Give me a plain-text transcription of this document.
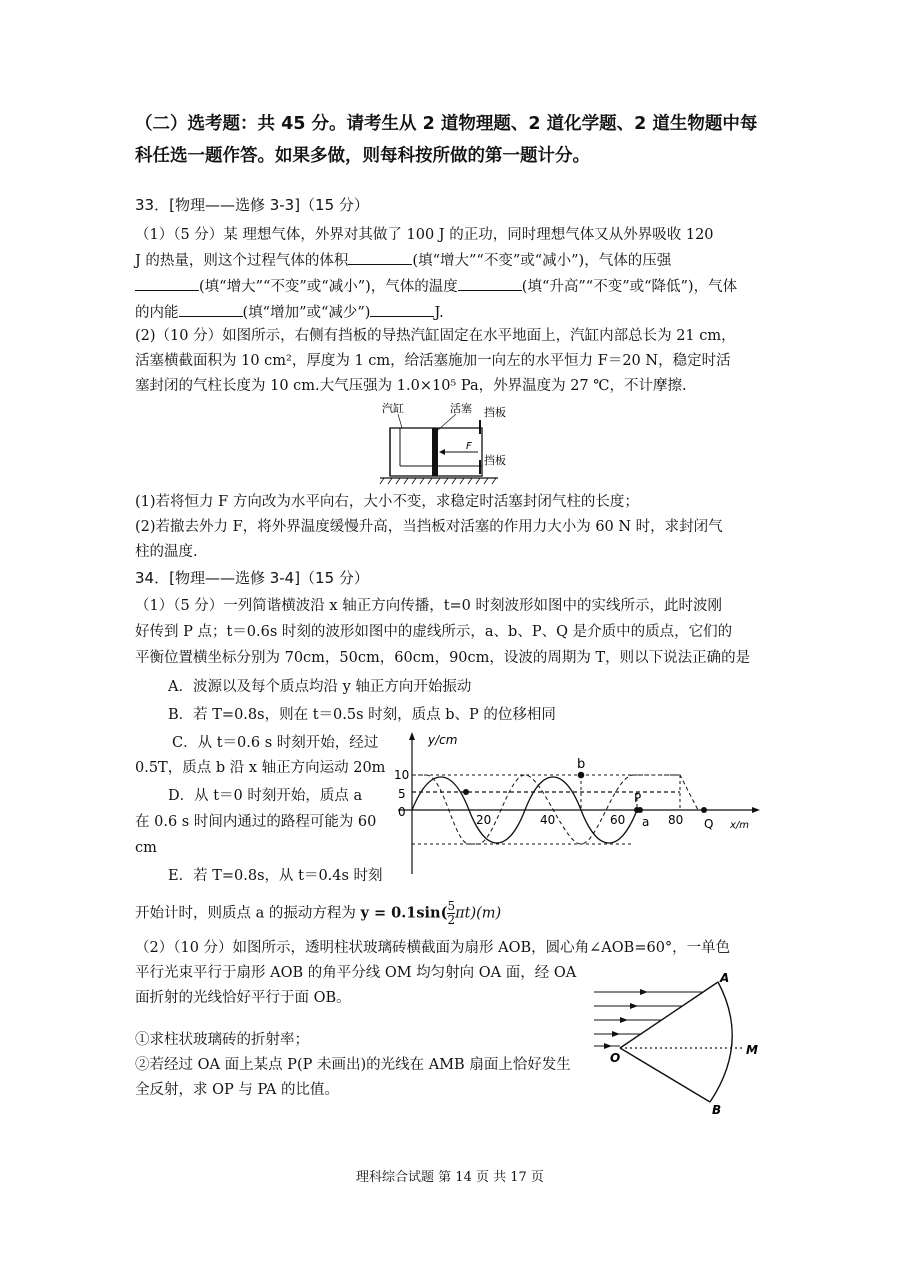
（二）选考题：共 45 分。请考生从 2 道物理题、2 道化学题、2 道生物题中每
科任选一题作答。如果多做，则每科按所做的第一题计分。
33．[物理——选修 3-3]（15 分）
（1）（5 分）某 理想气体，外界对其做了 100 J 的正功，同时理想气体又从外界吸收 120
J 的热量，则这个过程气体的体积	(填“增大”“不变”或“减小”)，气体的压强
(填“增大”“不变”或“减小”)，气体的温度	(填“升高”“不变”或“降低”)，气体
的内能	(填“增加”或“减少”)	J.
(2)（10 分）如图所示，右侧有挡板的导热汽缸固定在水平地面上，汽缸内部总长为 21 cm，
活塞横截面积为 10 cm²，厚度为 1 cm，给活塞施加一向左的水平恒力 F＝20 N，稳定时活
塞封闭的气柱长度为 10 cm.大气压强为 1.0×10⁵ Pa，外界温度为 27 ℃，不计摩擦.
汽缸	活塞 挡板
挡板
F
(1)若将恒力 F 方向改为水平向右，大小不变，求稳定时活塞封闭气柱的长度；
(2)若撤去外力 F，将外界温度缓慢升高，当挡板对活塞的作用力大小为 60 N 时，求封闭气
柱的温度.
34．[物理——选修 3-4]（15 分）
（1）（5 分）一列简谐横波沿 x 轴正方向传播，t=0 时刻波形如图中的实线所示，此时波刚
好传到 P 点；t＝0.6s 时刻的波形如图中的虚线所示，a、b、P、Q 是介质中的质点，它们的
平衡位置横坐标分别为 70cm，50cm，60cm，90cm，设波的周期为 T，则以下说法正确的是
A．波源以及每个质点均沿 y 轴正方向开始振动
B．若 T=0.8s，则在 t＝0.5s 时刻，质点 b、P 的位移相同
C．从 t＝0.6 s 时刻开始，经过
0.5T，质点 b 沿 x 轴正方向运动 20m
D．从 t＝0 时刻开始，质点 a
在 0.6 s 时间内通过的路程可能为 60
cm
E．若 T=0.8s，从 t＝0.4s 时刻
开始计时，则质点 a 的振动方程为 $y = 0.1\sin( \frac{5}{2} \pi t)(m)$
y/cm
x/m
10
5
0
20	40	60	80
b
P
a	Q
（2）（10 分）如图所示，透明柱状玻璃砖横截面为扇形 AOB，圆心角∠AOB=60°，一单色
平行光束平行于扇形 AOB 的角平分线 OM 均匀射向 OA 面，经 OA
面折射的光线恰好平行于面 OB。
①求柱状玻璃砖的折射率；
②若经过 OA 面上某点 P(P 未画出)的光线在 AMB 扇面上恰好发生
全反射，求 OP 与 PA 的比值。
A
O
M
B
理科综合试题 第 14 页 共 17 页
